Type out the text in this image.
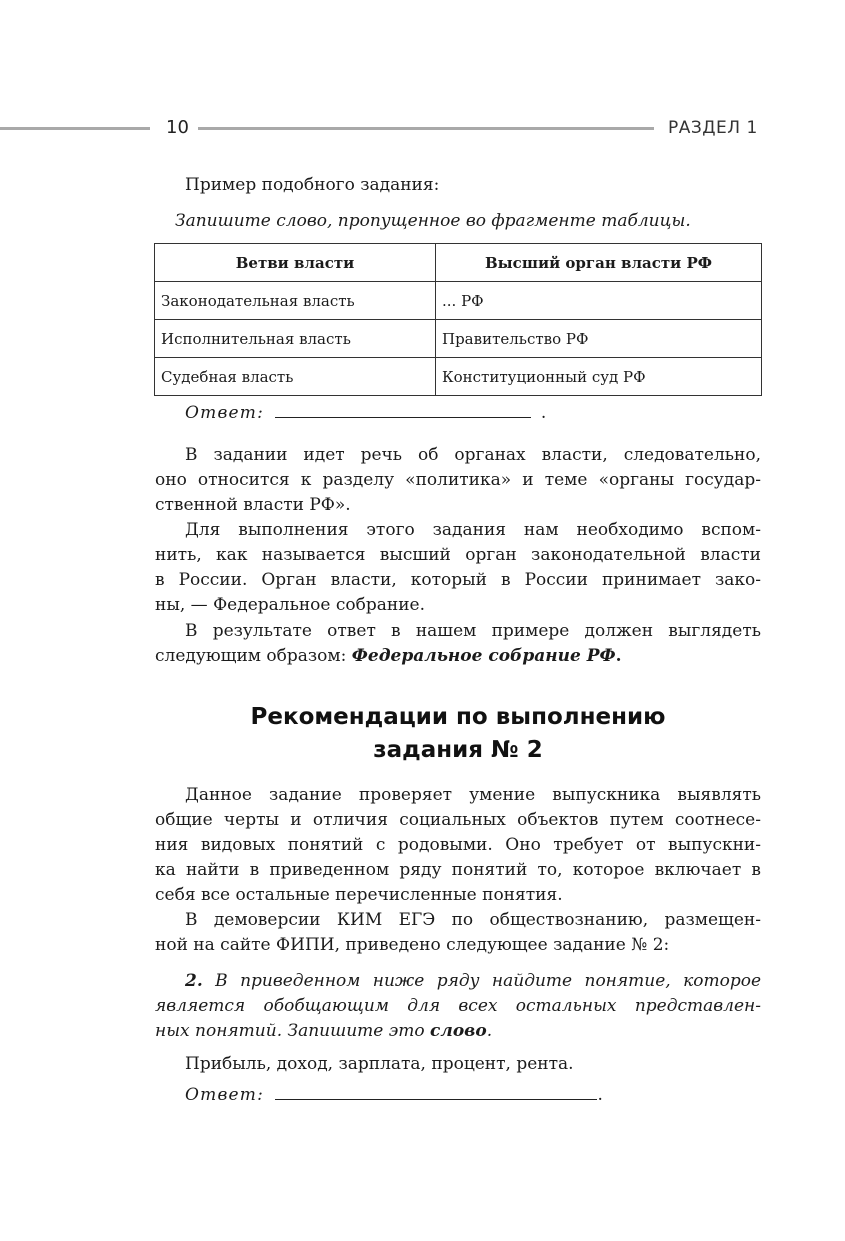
10	РАЗДЕЛ 1
Пример подобного задания:
Запишите слово, пропущенное во фрагменте таблицы.
Ветви власти	Высший орган власти РФ
Законодательная власть	... РФ
Исполнительная власть	Правительство РФ
Судебная власть	Конституционный суд РФ
Ответ:	.
В задании идет речь об органах власти, следовательно,
оно относится к разделу «политика» и теме «органы государ-
ственной власти РФ».
Для выполнения этого задания нам необходимо вспом-
нить, как называется высший орган законодательной власти
в России. Орган власти, который в России принимает зако-
ны, — Федеральное собрание.
В результате ответ в нашем примере должен выглядеть
следующим образом: Федеральное собрание РФ.
Рекомендации по выполнению
задания № 2
Данное задание проверяет умение выпускника выявлять
общие черты и отличия социальных объектов путем соотнесе-
ния видовых понятий с родовыми. Оно требует от выпускни-
ка найти в приведенном ряду понятий то, которое включает в
себя все остальные перечисленные понятия.
В демоверсии КИМ ЕГЭ по обществознанию, размещен-
ной на сайте ФИПИ, приведено следующее задание № 2:
2. В приведенном ниже ряду найдите понятие, которое
является обобщающим для всех остальных представлен-
ных понятий. Запишите это слово.
Прибыль, доход, зарплата, процент, рента.
Ответ:	.
